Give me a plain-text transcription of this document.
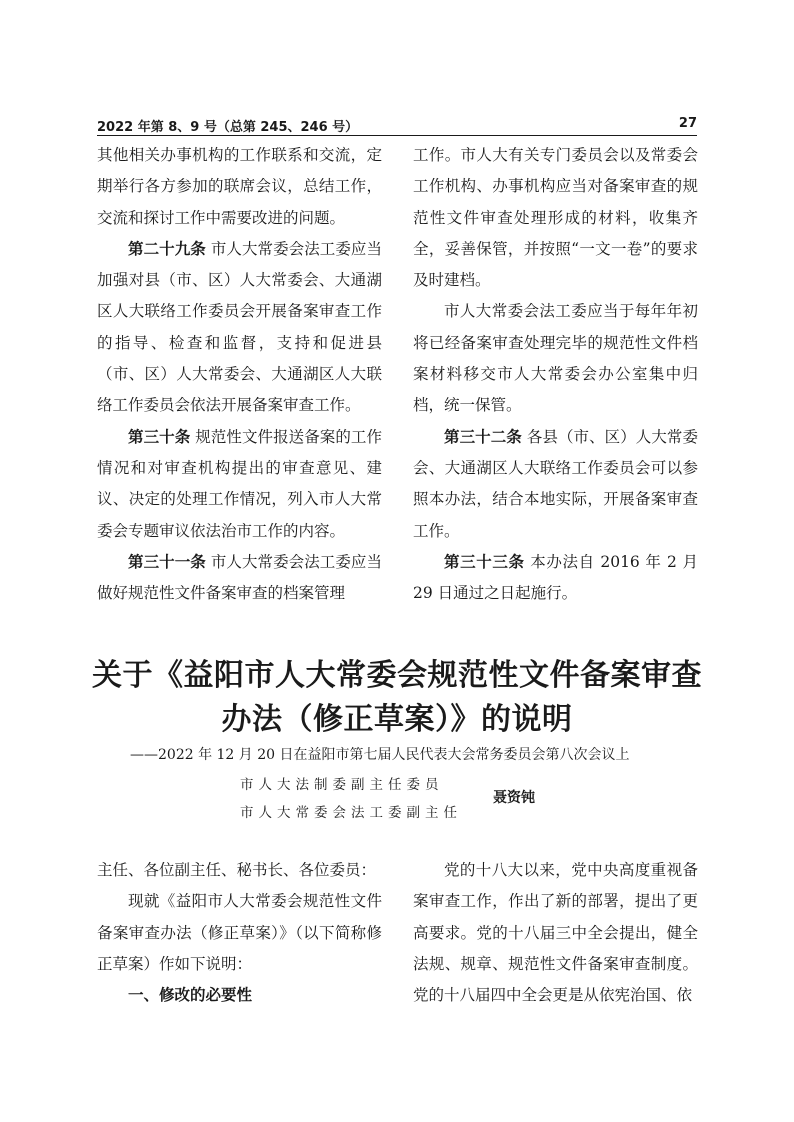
2022 年第 8、9 号（总第 245、246 号）	27

其他相关办事机构的工作联系和交流，定期举行各方参加的联席会议，总结工作，交流和探讨工作中需要改进的问题。

第二十九条 市人大常委会法工委应当加强对县（市、区）人大常委会、大通湖区人大联络工作委员会开展备案审查工作的指导、检查和监督，支持和促进县（市、区）人大常委会、大通湖区人大联络工作委员会依法开展备案审查工作。

第三十条 规范性文件报送备案的工作情况和对审查机构提出的审查意见、建议、决定的处理工作情况，列入市人大常委会专题审议依法治市工作的内容。

第三十一条 市人大常委会法工委应当做好规范性文件备案审查的档案管理

工作。市人大有关专门委员会以及常委会工作机构、办事机构应当对备案审查的规范性文件审查处理形成的材料，收集齐全，妥善保管，并按照“一文一卷”的要求及时建档。

市人大常委会法工委应当于每年年初将已经备案审查处理完毕的规范性文件档案材料移交市人大常委会办公室集中归档，统一保管。

第三十二条 各县（市、区）人大常委会、大通湖区人大联络工作委员会可以参照本办法，结合本地实际，开展备案审查工作。

第三十三条 本办法自 2016 年 2 月 29 日通过之日起施行。

关于《益阳市人大常委会规范性文件备案审查
办法（修正草案）》的说明
——2022 年 12 月 20 日在益阳市第七届人民代表大会常务委员会第八次会议上
市人大法制委副主任委员
市人大常委会法工委副主任
聂资钝

主任、各位副主任、秘书长、各位委员：

现就《益阳市人大常委会规范性文件备案审查办法（修正草案）》（以下简称修正草案）作如下说明：

一、修改的必要性

党的十八大以来，党中央高度重视备案审查工作，作出了新的部署，提出了更高要求。党的十八届三中全会提出，健全法规、规章、规范性文件备案审查制度。党的十八届四中全会更是从依宪治国、依
